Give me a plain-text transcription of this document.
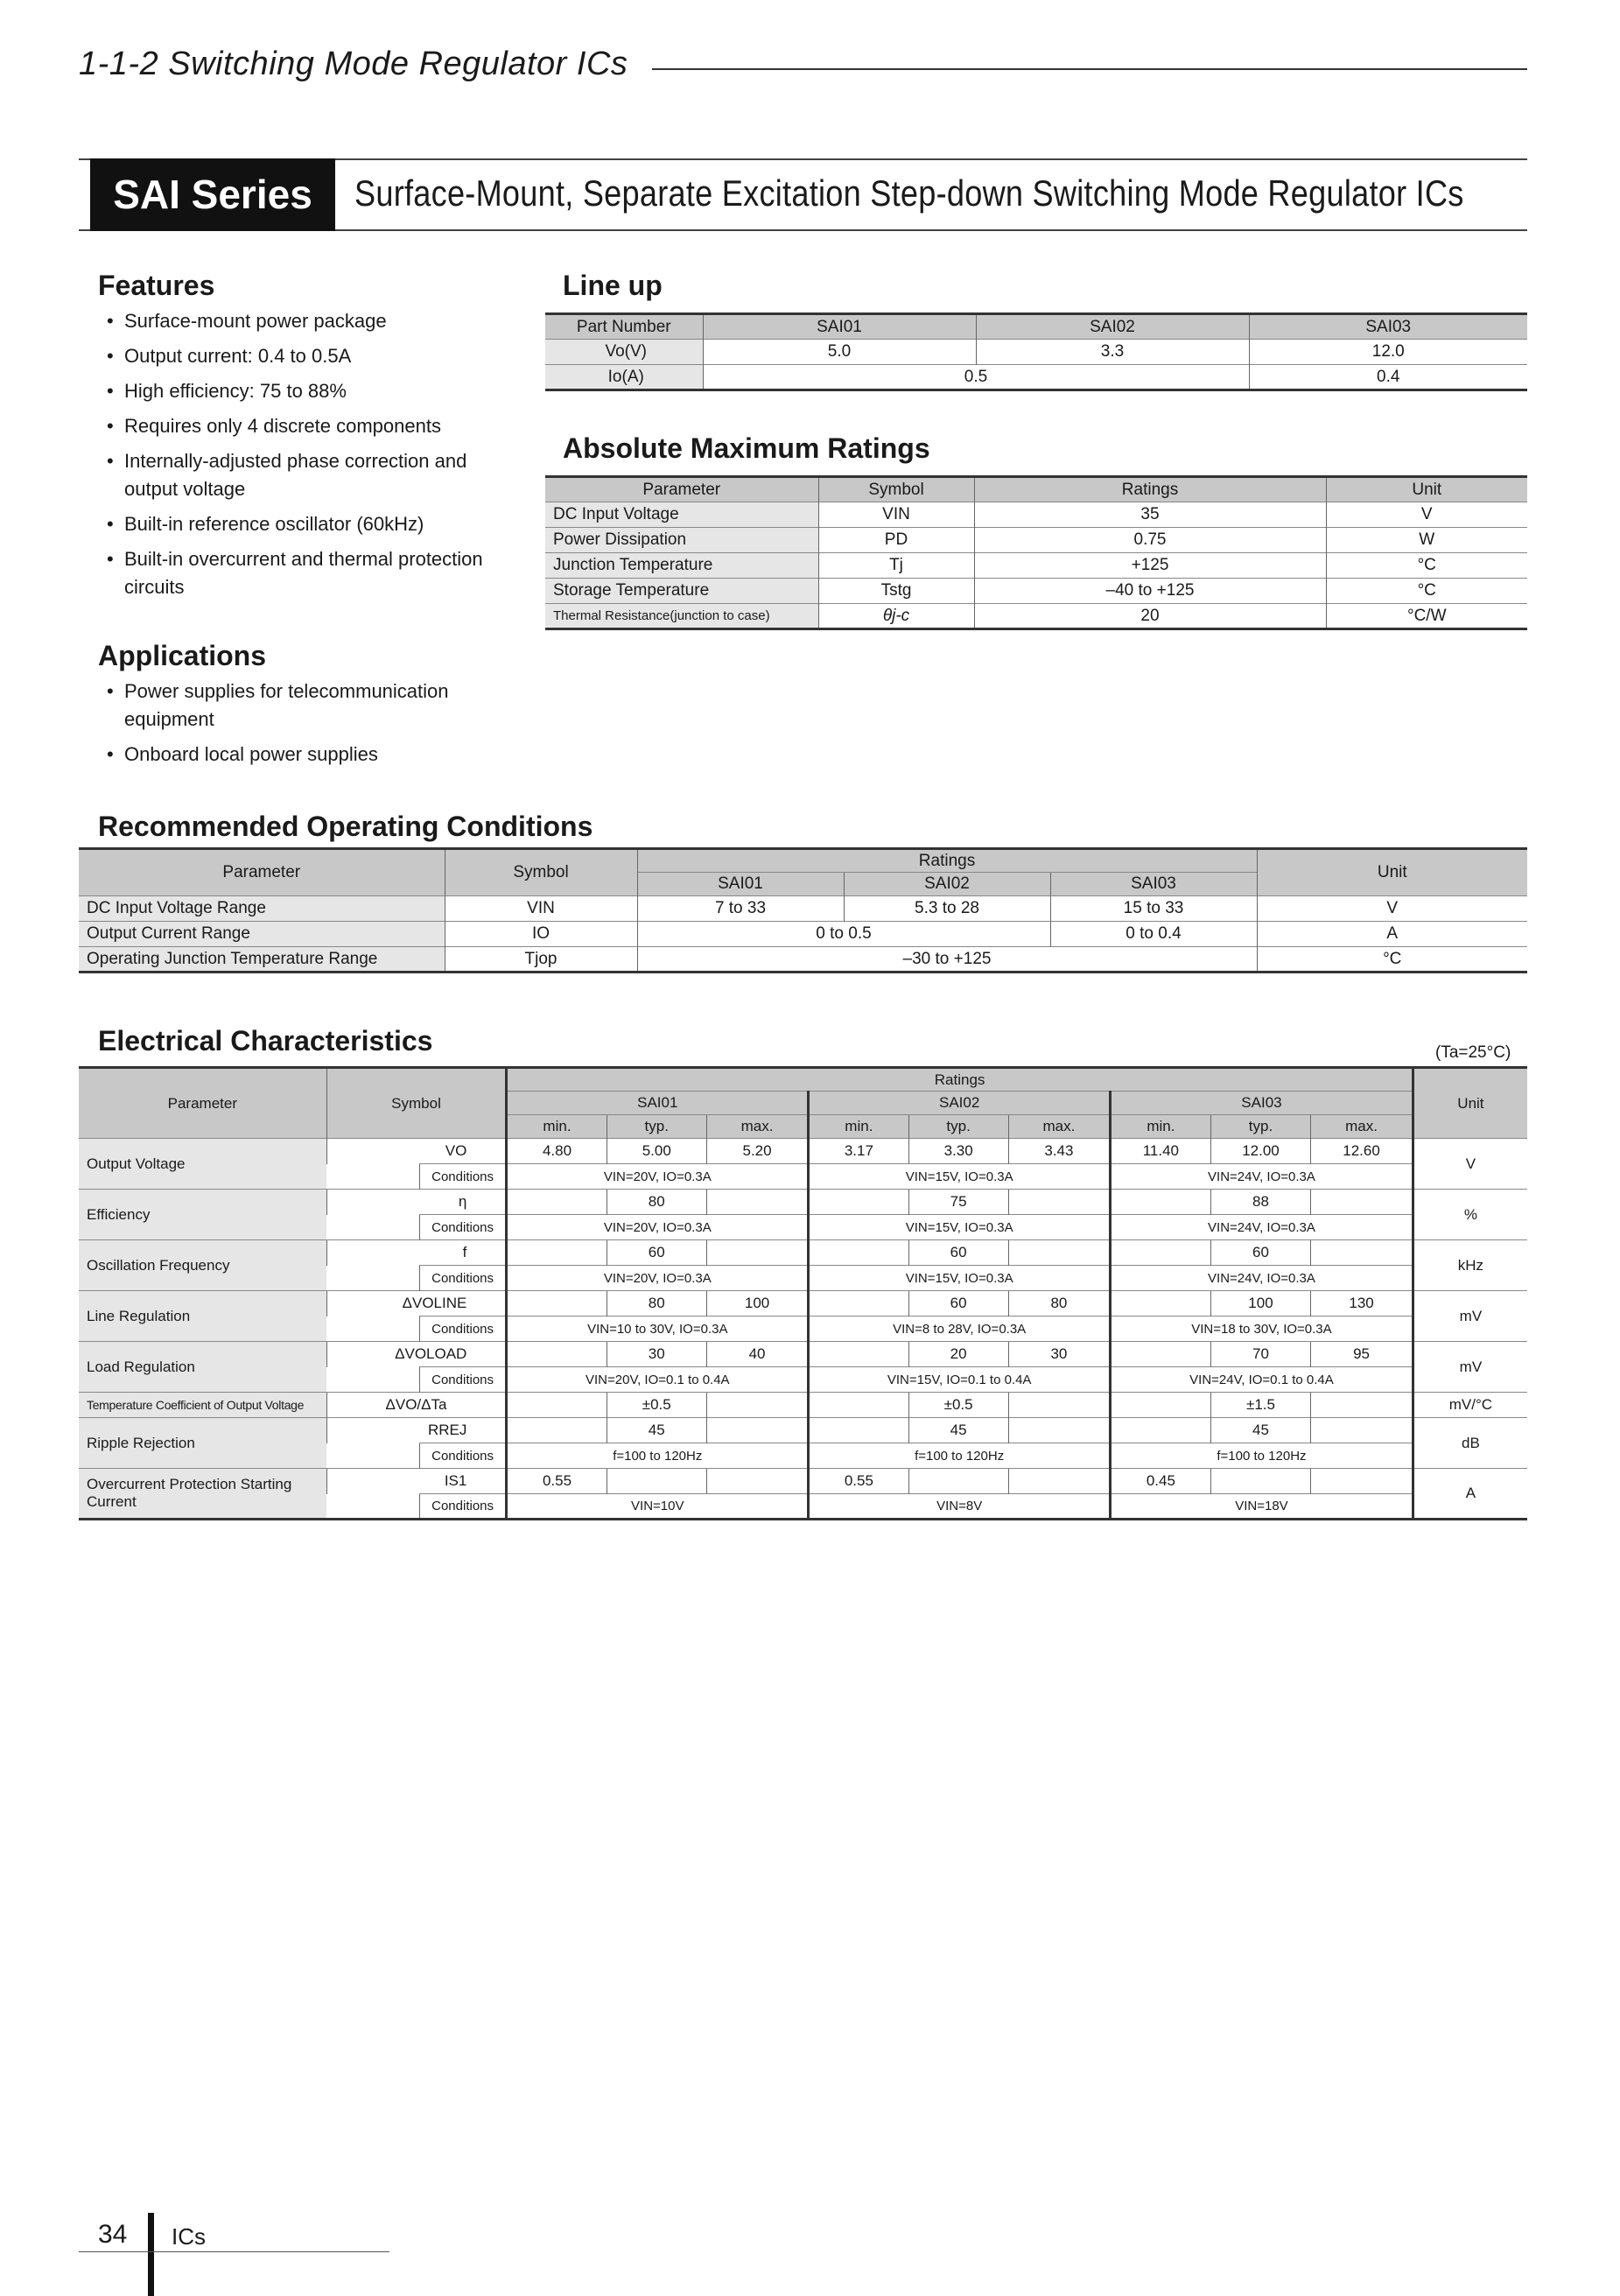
1-1-2 Switching Mode Regulator ICs
SAI Series	Surface-Mount, Separate Excitation Step-down Switching Mode Regulator ICs
Features
• Surface-mount power package
• Output current: 0.4 to 0.5A
• High efficiency: 75 to 88%
• Requires only 4 discrete components
• Internally-adjusted phase correction and output voltage
• Built-in reference oscillator (60kHz)
• Built-in overcurrent and thermal protection circuits
Applications
• Power supplies for telecommunication equipment
• Onboard local power supplies
Line up
Part Number	SAI01	SAI02	SAI03
Vo(V)	5.0	3.3	12.0
Io(A)	0.5		0.4
Absolute Maximum Ratings
Parameter	Symbol	Ratings	Unit
DC Input Voltage	VIN	35	V
Power Dissipation	PD	0.75	W
Junction Temperature	Tj	+125	°C
Storage Temperature	Tstg	–40 to +125	°C
Thermal Resistance(junction to case)	θj-c	20	°C/W
Recommended Operating Conditions
Parameter	Symbol	Ratings			Unit
		SAI01	SAI02	SAI03	
DC Input Voltage Range	VIN	7 to 33	5.3 to 28	15 to 33	V
Output Current Range	IO	0 to 0.5		0 to 0.4	A
Operating Junction Temperature Range	Tjop	–30 to +125			°C
Electrical Characteristics	(Ta=25°C)
Parameter	Symbol		Ratings									Unit
			SAI01			SAI02			SAI03			
			min.	typ.	max.	min.	typ.	max.	min.	typ.	max.	
Output Voltage	VO		4.80	5.00	5.20	3.17	3.30	3.43	11.40	12.00	12.60	V
		Conditions	VIN=20V, IO=0.3A			VIN=15V, IO=0.3A			VIN=24V, IO=0.3A			
Efficiency	η			80			75			88		%
		Conditions	VIN=20V, IO=0.3A			VIN=15V, IO=0.3A			VIN=24V, IO=0.3A			
Oscillation Frequency	f			60			60			60		kHz
		Conditions	VIN=20V, IO=0.3A			VIN=15V, IO=0.3A			VIN=24V, IO=0.3A			
Line Regulation	ΔVOLINE			80	100		60	80		100	130	mV
		Conditions	VIN=10 to 30V, IO=0.3A			VIN=8 to 28V, IO=0.3A			VIN=18 to 30V, IO=0.3A			
Load Regulation	ΔVOLOAD			30	40		20	30		70	95	mV
		Conditions	VIN=20V, IO=0.1 to 0.4A			VIN=15V, IO=0.1 to 0.4A			VIN=24V, IO=0.1 to 0.4A			
Temperature Coefficient of Output Voltage	ΔVO/ΔTa			±0.5			±0.5			±1.5		mV/°C
Ripple Rejection	RREJ			45			45			45		dB
		Conditions	f=100 to 120Hz			f=100 to 120Hz			f=100 to 120Hz			
Overcurrent Protection Starting Current	IS1		0.55			0.55			0.45			A
		Conditions	VIN=10V			VIN=8V			VIN=18V			
34 ICs
